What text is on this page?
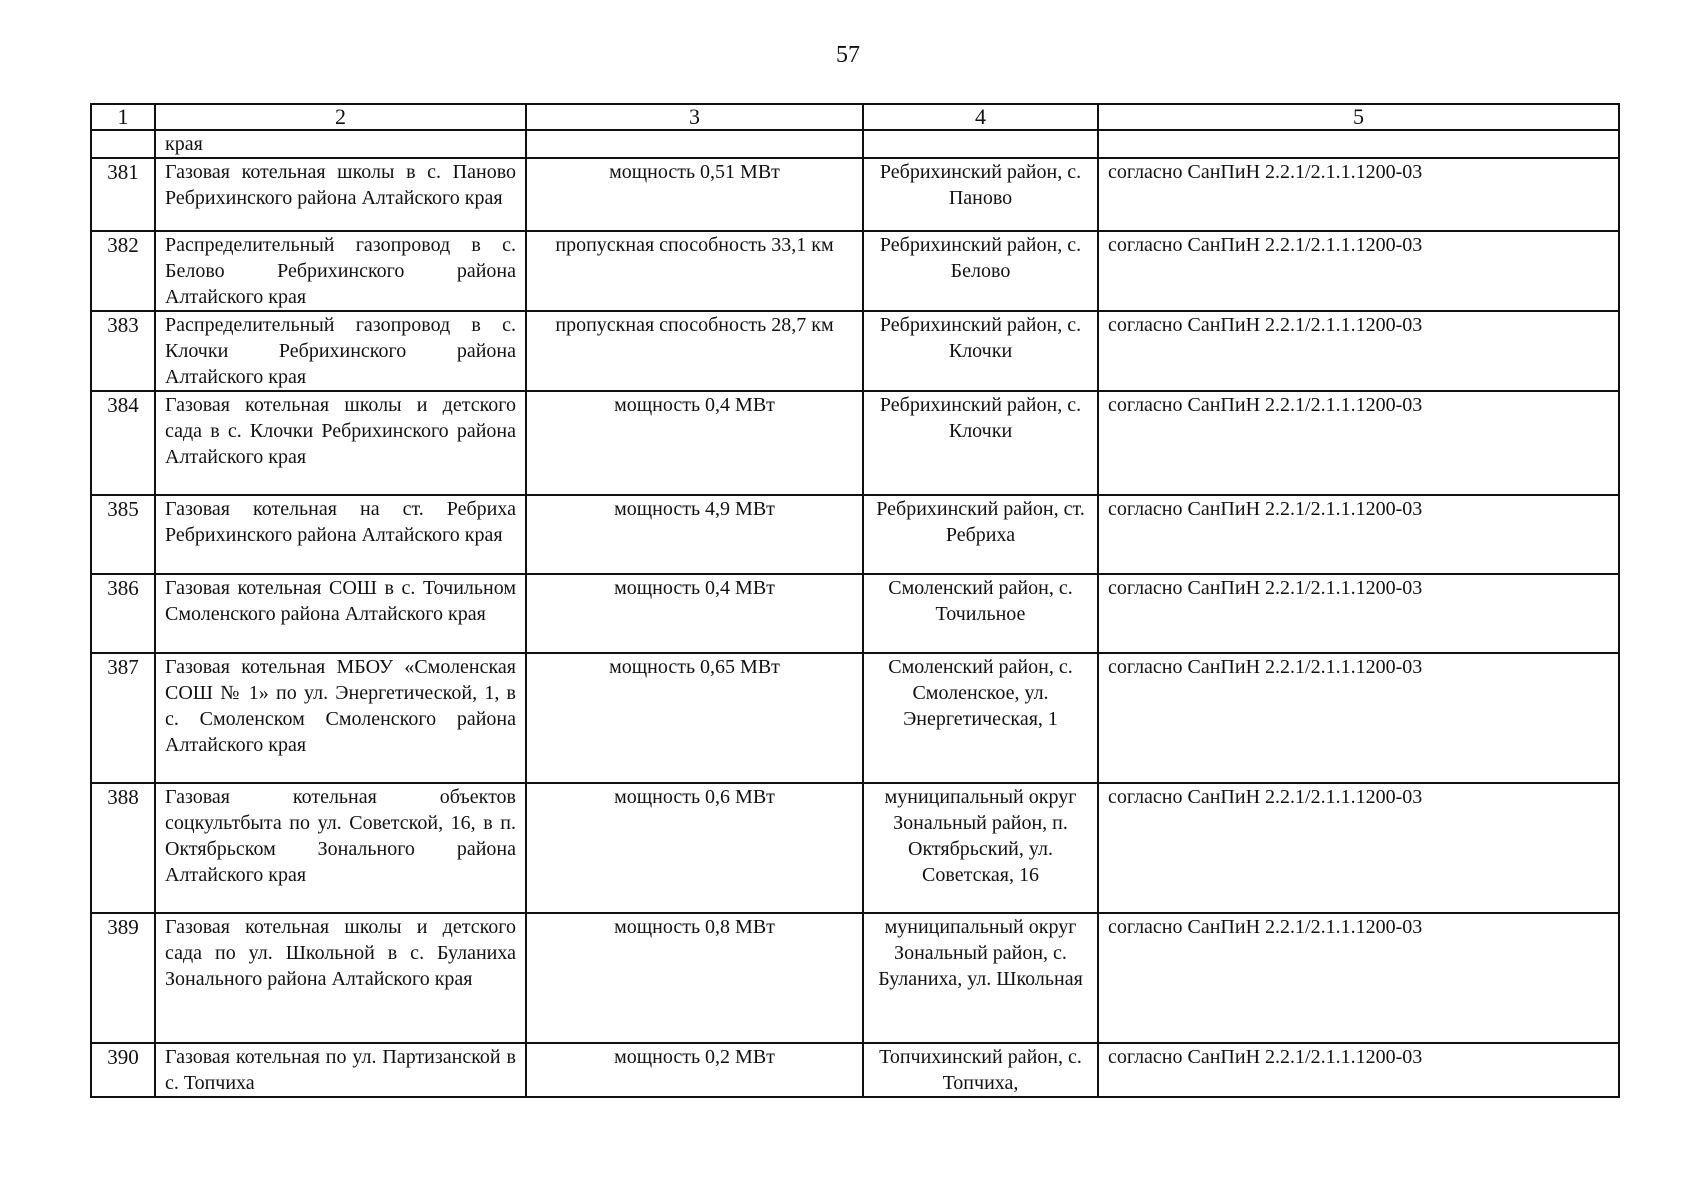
57
1	2	3	4	5
	края			
381	Газовая котельная школы в с. Паново Ребрихинского района Алтайского края	мощность 0,51 МВт	Ребрихинский район, с. Паново	согласно СанПиН 2.2.1/2.1.1.1200-03
382	Распределительный газопровод в с. Белово Ребрихинского района Алтайского края	пропускная способность 33,1 км	Ребрихинский район, с. Белово	согласно СанПиН 2.2.1/2.1.1.1200-03
383	Распределительный газопровод в с. Клочки Ребрихинского района Алтайского края	пропускная способность 28,7 км	Ребрихинский район, с. Клочки	согласно СанПиН 2.2.1/2.1.1.1200-03
384	Газовая котельная школы и детского сада в с. Клочки Ребрихинского района Алтайского края	мощность 0,4 МВт	Ребрихинский район, с. Клочки	согласно СанПиН 2.2.1/2.1.1.1200-03
385	Газовая котельная на ст. Ребриха Ребрихинского района Алтайского края	мощность 4,9 МВт	Ребрихинский район, ст. Ребриха	согласно СанПиН 2.2.1/2.1.1.1200-03
386	Газовая котельная СОШ в с. Точильном Смоленского района Алтайского края	мощность 0,4 МВт	Смоленский район, с. Точильное	согласно СанПиН 2.2.1/2.1.1.1200-03
387	Газовая котельная МБОУ «Смоленская СОШ № 1» по ул. Энергетической, 1, в с. Смоленском Смоленского района Алтайского края	мощность 0,65 МВт	Смоленский район, с. Смоленское, ул. Энергетическая, 1	согласно СанПиН 2.2.1/2.1.1.1200-03
388	Газовая котельная объектов соцкультбыта по ул. Советской, 16, в п. Октябрьском Зонального района Алтайского края	мощность 0,6 МВт	муниципальный округ Зональный район, п. Октябрьский, ул. Советская, 16	согласно СанПиН 2.2.1/2.1.1.1200-03
389	Газовая котельная школы и детского сада по ул. Школьной в с. Буланиха Зонального района Алтайского края	мощность 0,8 МВт	муниципальный округ Зональный район, с. Буланиха, ул. Школьная	согласно СанПиН 2.2.1/2.1.1.1200-03
390	Газовая котельная по ул. Партизанской в с. Топчиха	мощность 0,2 МВт	Топчихинский район, с. Топчиха,	согласно СанПиН 2.2.1/2.1.1.1200-03
